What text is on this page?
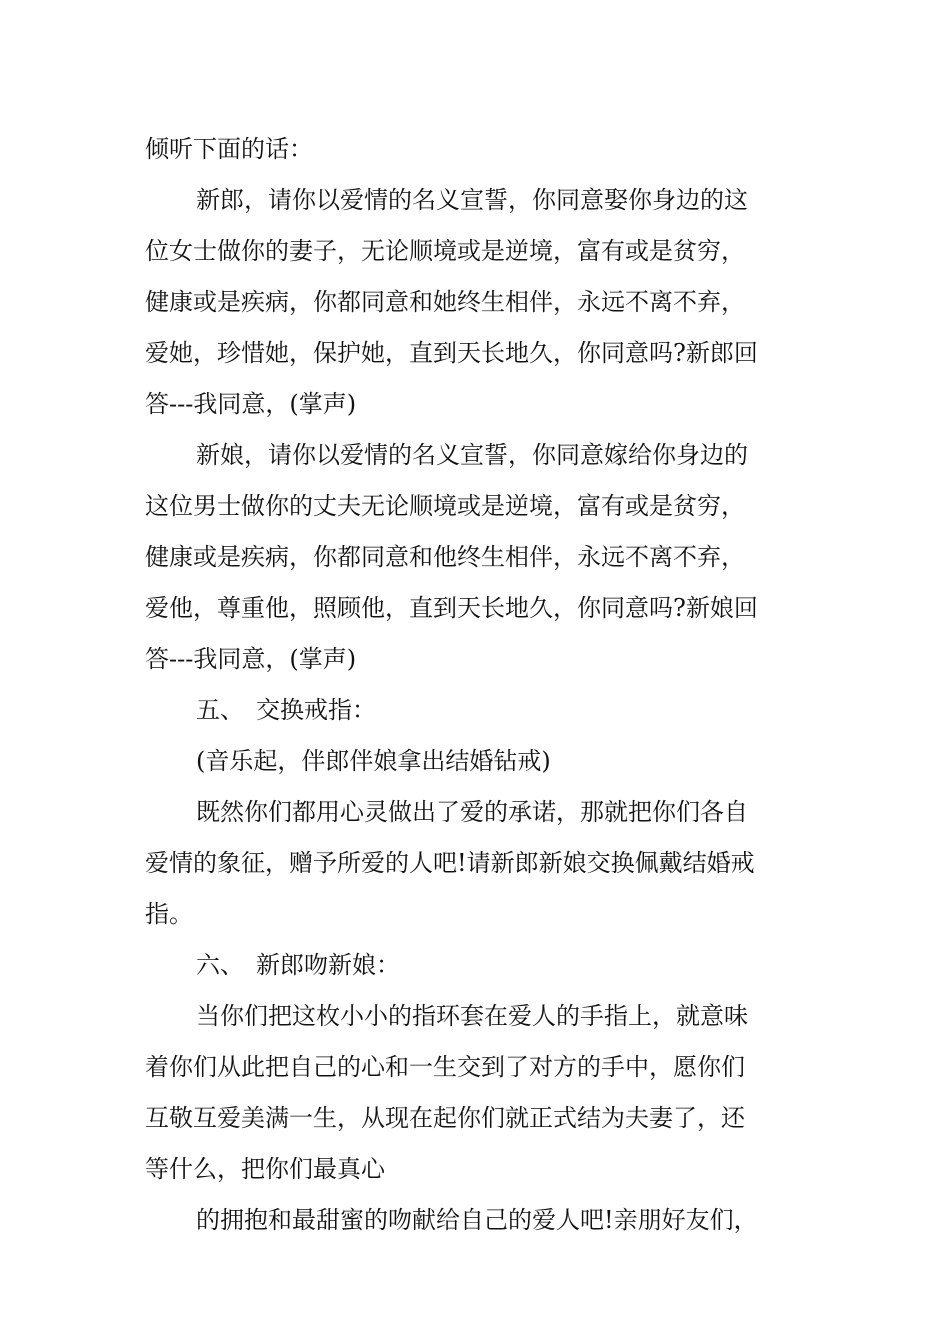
倾听下面的话：
新郎，请你以爱情的名义宣誓，你同意娶你身边的这
位女士做你的妻子，无论顺境或是逆境，富有或是贫穷，
健康或是疾病，你都同意和她终生相伴，永远不离不弃，
爱她，珍惜她，保护她，直到天长地久，你同意吗?新郎回
答---我同意，(掌声)
新娘，请你以爱情的名义宣誓，你同意嫁给你身边的
这位男士做你的丈夫无论顺境或是逆境，富有或是贫穷，
健康或是疾病，你都同意和他终生相伴，永远不离不弃，
爱他，尊重他，照顾他，直到天长地久，你同意吗?新娘回
答---我同意，(掌声)
五、　交换戒指：
(音乐起，伴郎伴娘拿出结婚钻戒)
既然你们都用心灵做出了爱的承诺，那就把你们各自
爱情的象征，赠予所爱的人吧!请新郎新娘交换佩戴结婚戒
指。
六、　新郎吻新娘：
当你们把这枚小小的指环套在爱人的手指上，就意味
着你们从此把自己的心和一生交到了对方的手中，愿你们
互敬互爱美满一生，从现在起你们就正式结为夫妻了，还
等什么，把你们最真心
的拥抱和最甜蜜的吻献给自己的爱人吧!亲朋好友们，
